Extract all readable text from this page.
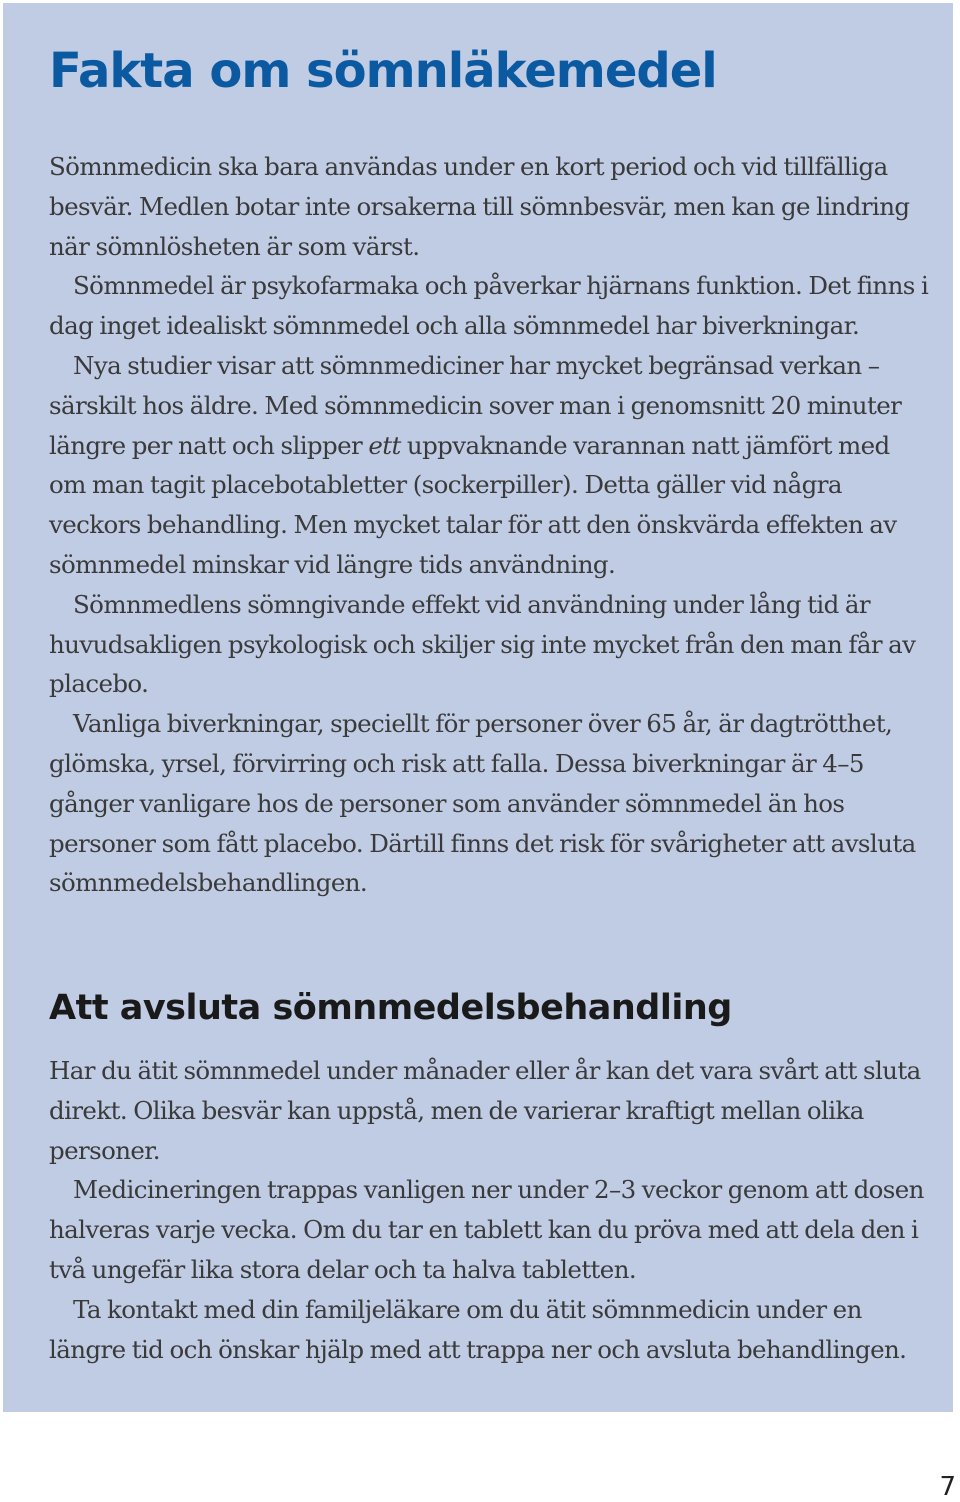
Fakta om sömnläkemedel

Sömnmedicin ska bara användas under en kort period och vid tillfälliga besvär. Medlen botar inte orsakerna till sömnbesvär, men kan ge lindring när sömnlösheten är som värst.

Sömnmedel är psykofarmaka och påverkar hjärnans funktion. Det finns i dag inget idealiskt sömnmedel och alla sömnmedel har biverkningar.

Nya studier visar att sömnmediciner har mycket begränsad verkan – särskilt hos äldre. Med sömnmedicin sover man i genomsnitt 20 minuter längre per natt och slipper ett uppvaknande varannan natt jämfört med om man tagit placebotabletter (sockerpiller). Detta gäller vid några veckors behandling. Men mycket talar för att den önskvärda effekten av sömnmedel minskar vid längre tids användning.

Sömnmedlens sömngivande effekt vid användning under lång tid är huvudsakligen psykologisk och skiljer sig inte mycket från den man får av placebo.

Vanliga biverkningar, speciellt för personer över 65 år, är dagtrötthet, glömska, yrsel, förvirring och risk att falla. Dessa biverkningar är 4–5 gånger vanligare hos de personer som använder sömnmedel än hos personer som fått placebo. Därtill finns det risk för svårigheter att avsluta sömnmedelsbehandlingen.

Att avsluta sömnmedelsbehandling

Har du ätit sömnmedel under månader eller år kan det vara svårt att sluta direkt. Olika besvär kan uppstå, men de varierar kraftigt mellan olika personer.

Medicineringen trappas vanligen ner under 2–3 veckor genom att dosen halveras varje vecka. Om du tar en tablett kan du pröva med att dela den i två ungefär lika stora delar och ta halva tabletten.

Ta kontakt med din familjeläkare om du ätit sömnmedicin under en längre tid och önskar hjälp med att trappa ner och avsluta behandlingen.

7
